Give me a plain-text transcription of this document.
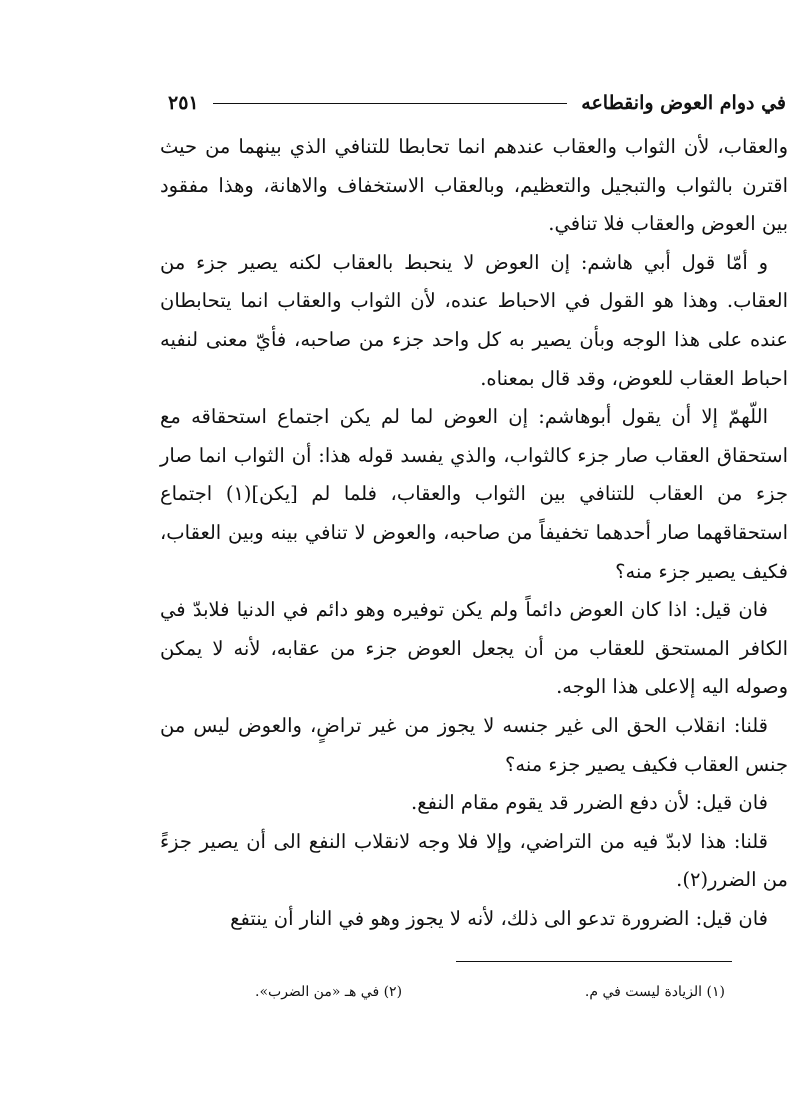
في دوام العوض وانقطاعه
٢٥١

والعقاب، لأن الثواب والعقاب عندهم انما تحابطا للتنافي الذي بينهما من حيث اقترن بالثواب والتبجيل والتعظيم، وبالعقاب الاستخفاف والاهانة، وهذا مفقود بين العوض والعقاب فلا تنافي.

و أمّا قول أبي هاشم: إن العوض لا ينحبط بالعقاب لكنه يصير جزء من العقاب. وهذا هو القول في الاحباط عنده، لأن الثواب والعقاب انما يتحابطان عنده على هذا الوجه وبأن يصير به كل واحد جزء من صاحبه، فأيّ معنى لنفيه احباط العقاب للعوض، وقد قال بمعناه.

اللّهمّ إلا أن يقول أبوهاشم: إن العوض لما لم يكن اجتماع استحقاقه مع استحقاق العقاب صار جزء كالثواب، والذي يفسد قوله هذا: أن الثواب انما صار جزء من العقاب للتنافي بين الثواب والعقاب، فلما لم [يكن](١) اجتماع استحقاقهما صار أحدهما تخفيفاً من صاحبه، والعوض لا تنافي بينه وبين العقاب، فكيف يصير جزء منه؟

فان قيل: اذا كان العوض دائماً ولم يكن توفيره وهو دائم في الدنيا فلابدّ في الكافر المستحق للعقاب من أن يجعل العوض جزء من عقابه، لأنه لا يمكن وصوله اليه إلاعلى هذا الوجه.

قلنا: انقلاب الحق الى غير جنسه لا يجوز من غير تراضٍ، والعوض ليس من جنس العقاب فكيف يصير جزء منه؟

فان قيل: لأن دفع الضرر قد يقوم مقام النفع.

قلنا: هذا لابدّ فيه من التراضي، وإلا فلا وجه لانقلاب النفع الى أن يصير جزءً من الضرر(٢).

فان قيل: الضرورة تدعو الى ذلك، لأنه لا يجوز وهو في النار أن ينتفع

(١) الزيادة ليست في م.
(٢) في هـ «من الضرب».
